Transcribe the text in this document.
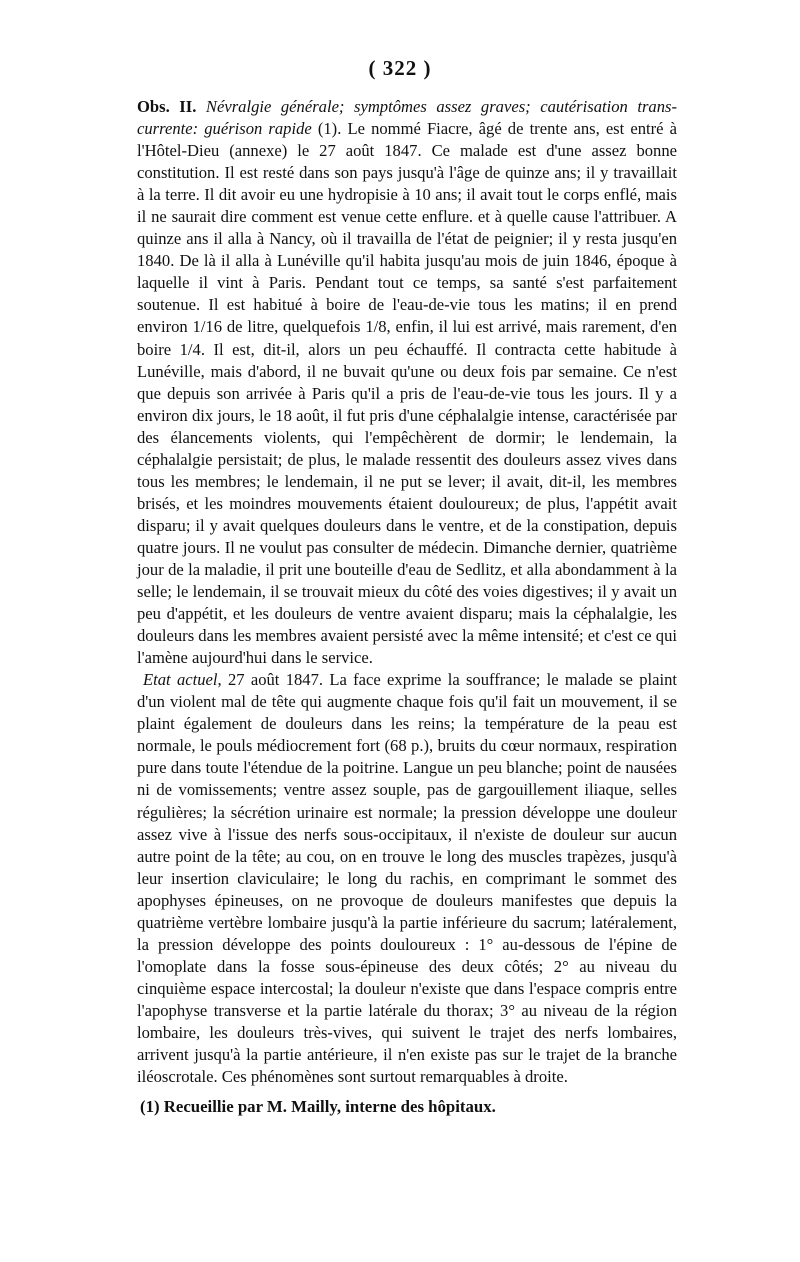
( 322 )

Obs. II. Névralgie générale; symptômes assez graves; cautérisation trans-currente: guérison rapide (1). Le nommé Fiacre, âgé de trente ans, est entré à l'Hôtel-Dieu (annexe) le 27 août 1847. Ce malade est d'une assez bonne constitution. Il est resté dans son pays jusqu'à l'âge de quinze ans; il y travaillait à la terre. Il dit avoir eu une hydropisie à 10 ans; il avait tout le corps enflé, mais il ne saurait dire comment est venue cette enflure. et à quelle cause l'attribuer. A quinze ans il alla à Nancy, où il travailla de l'état de peignier; il y resta jusqu'en 1840. De là il alla à Lunéville qu'il habita jusqu'au mois de juin 1846, époque à laquelle il vint à Paris. Pendant tout ce temps, sa santé s'est parfaitement soutenue. Il est habitué à boire de l'eau-de-vie tous les matins; il en prend environ 1/16 de litre, quelquefois 1/8, enfin, il lui est arrivé, mais rarement, d'en boire 1/4. Il est, dit-il, alors un peu échauffé. Il contracta cette habitude à Lunéville, mais d'abord, il ne buvait qu'une ou deux fois par semaine. Ce n'est que depuis son arrivée à Paris qu'il a pris de l'eau-de-vie tous les jours. Il y a environ dix jours, le 18 août, il fut pris d'une céphalalgie intense, caractérisée par des élancements violents, qui l'empêchèrent de dormir; le lendemain, la céphalalgie persistait; de plus, le malade ressentit des douleurs assez vives dans tous les membres; le lendemain, il ne put se lever; il avait, dit-il, les membres brisés, et les moindres mouvements étaient douloureux; de plus, l'appétit avait disparu; il y avait quelques douleurs dans le ventre, et de la constipation, depuis quatre jours. Il ne voulut pas consulter de médecin. Dimanche dernier, quatrième jour de la maladie, il prit une bouteille d'eau de Sedlitz, et alla abondamment à la selle; le lendemain, il se trouvait mieux du côté des voies digestives; il y avait un peu d'appétit, et les douleurs de ventre avaient disparu; mais la céphalalgie, les douleurs dans les membres avaient persisté avec la même intensité; et c'est ce qui l'amène aujourd'hui dans le service.

Etat actuel, 27 août 1847. La face exprime la souffrance; le malade se plaint d'un violent mal de tête qui augmente chaque fois qu'il fait un mouvement, il se plaint également de douleurs dans les reins; la température de la peau est normale, le pouls médiocrement fort (68 p.), bruits du cœur normaux, respiration pure dans toute l'étendue de la poitrine. Langue un peu blanche; point de nausées ni de vomissements; ventre assez souple, pas de gargouillement iliaque, selles régulières; la sécrétion urinaire est normale; la pression développe une douleur assez vive à l'issue des nerfs sous-occipitaux, il n'existe de douleur sur aucun autre point de la tête; au cou, on en trouve le long des muscles trapèzes, jusqu'à leur insertion claviculaire; le long du rachis, en comprimant le sommet des apophyses épineuses, on ne provoque de douleurs manifestes que depuis la quatrième vertèbre lombaire jusqu'à la partie inférieure du sacrum; latéralement, la pression développe des points douloureux : 1° au-dessous de l'épine de l'omoplate dans la fosse sous-épineuse des deux côtés; 2° au niveau du cinquième espace intercostal; la douleur n'existe que dans l'espace compris entre l'apophyse transverse et la partie latérale du thorax; 3° au niveau de la région lombaire, les douleurs très-vives, qui suivent le trajet des nerfs lombaires, arrivent jusqu'à la partie antérieure, il n'en existe pas sur le trajet de la branche iléoscrotale. Ces phénomènes sont surtout remarquables à droite.

(1) Recueillie par M. Mailly, interne des hôpitaux.
